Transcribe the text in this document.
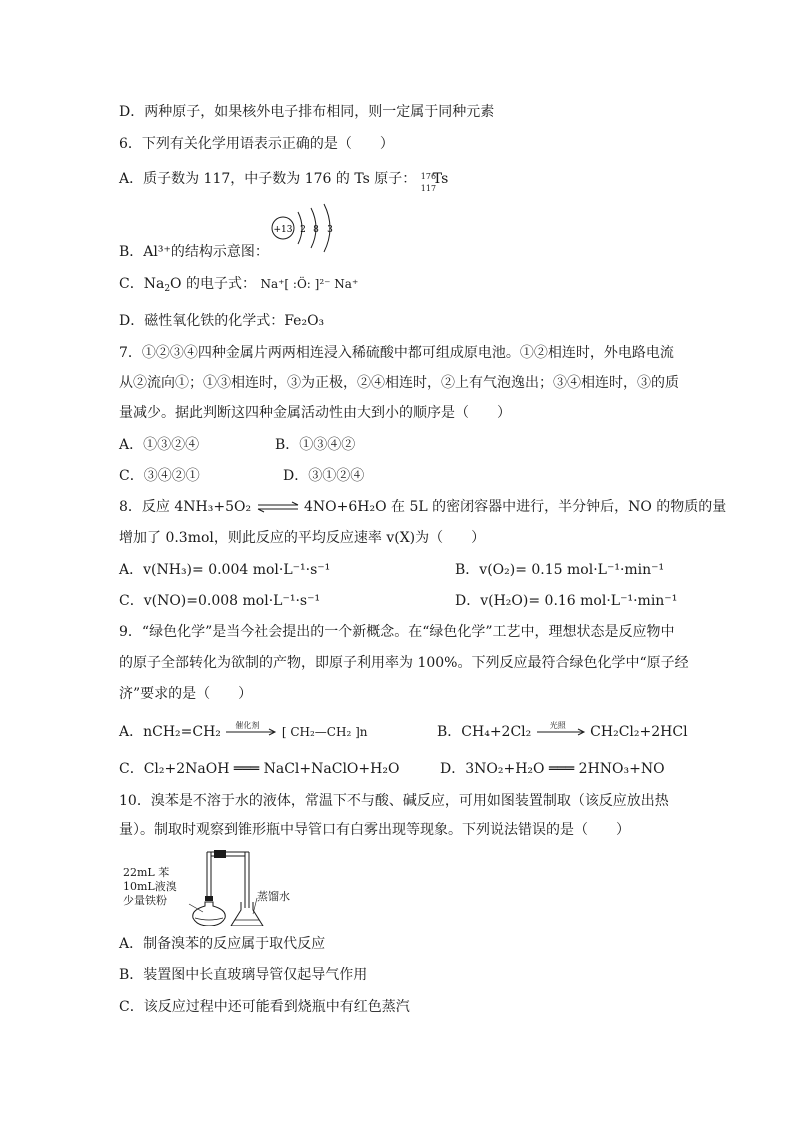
D．两种原子，如果核外电子排布相同，则一定属于同种元素
6．下列有关化学用语表示正确的是（　　）
A．质子数为 117，中子数为 176 的 Ts 原子： 176
117
Ts
B．Al³⁺的结构示意图：
+13 2 8 3
C．$Na_2O$ 的电子式： Na⁺[ :Ö: ]²⁻ Na⁺
D．磁性氧化铁的化学式：Fe₂O₃
7．①②③④四种金属片两两相连浸入稀硫酸中都可组成原电池。①②相连时，外电路电流
从②流向①；①③相连时，③为正极，②④相连时，②上有气泡逸出；③④相连时，③的质
量减少。据此判断这四种金属活动性由大到小的顺序是（　　）
A．①③②④	B．①③④②
C．③④②①	D．③①②④
8．反应 4NH₃+5O₂ ⇌ 4NO+6H₂O 在 5L 的密闭容器中进行，半分钟后，NO 的物质的量
增加了 0.3mol，则此反应的平均反应速率 v(X)为（　　）
A．v(NH₃)= 0.004 mol·L⁻¹·s⁻¹	B．v(O₂)= 0.15 mol·L⁻¹·min⁻¹
C．v(NO)=0.008 mol·L⁻¹·s⁻¹	D．v(H₂O)= 0.16 mol·L⁻¹·min⁻¹
9．“绿色化学”是当今社会提出的一个新概念。在“绿色化学”工艺中，理想状态是反应物中
的原子全部转化为欲制的产物，即原子利用率为 100%。下列反应最符合绿色化学中“原子经
济”要求的是（　　）
A．nCH₂=CH₂ 催化剂 [ CH₂—CH₂ ]n	B．CH₄+2Cl₂ 光照 CH₂Cl₂+2HCl
C．Cl₂+2NaOH ═══ NaCl+NaClO+H₂O	D．3NO₂+H₂O ═══ 2HNO₃+NO
10．溴苯是不溶于水的液体，常温下不与酸、碱反应，可用如图装置制取（该反应放出热
量）。制取时观察到锥形瓶中导管口有白雾出现等现象。下列说法错误的是（　　）
22mL 苯
10mL液溴
少量铁粉	蒸馏水
A．制备溴苯的反应属于取代反应
B．装置图中长直玻璃导管仅起导气作用
C．该反应过程中还可能看到烧瓶中有红色蒸汽
